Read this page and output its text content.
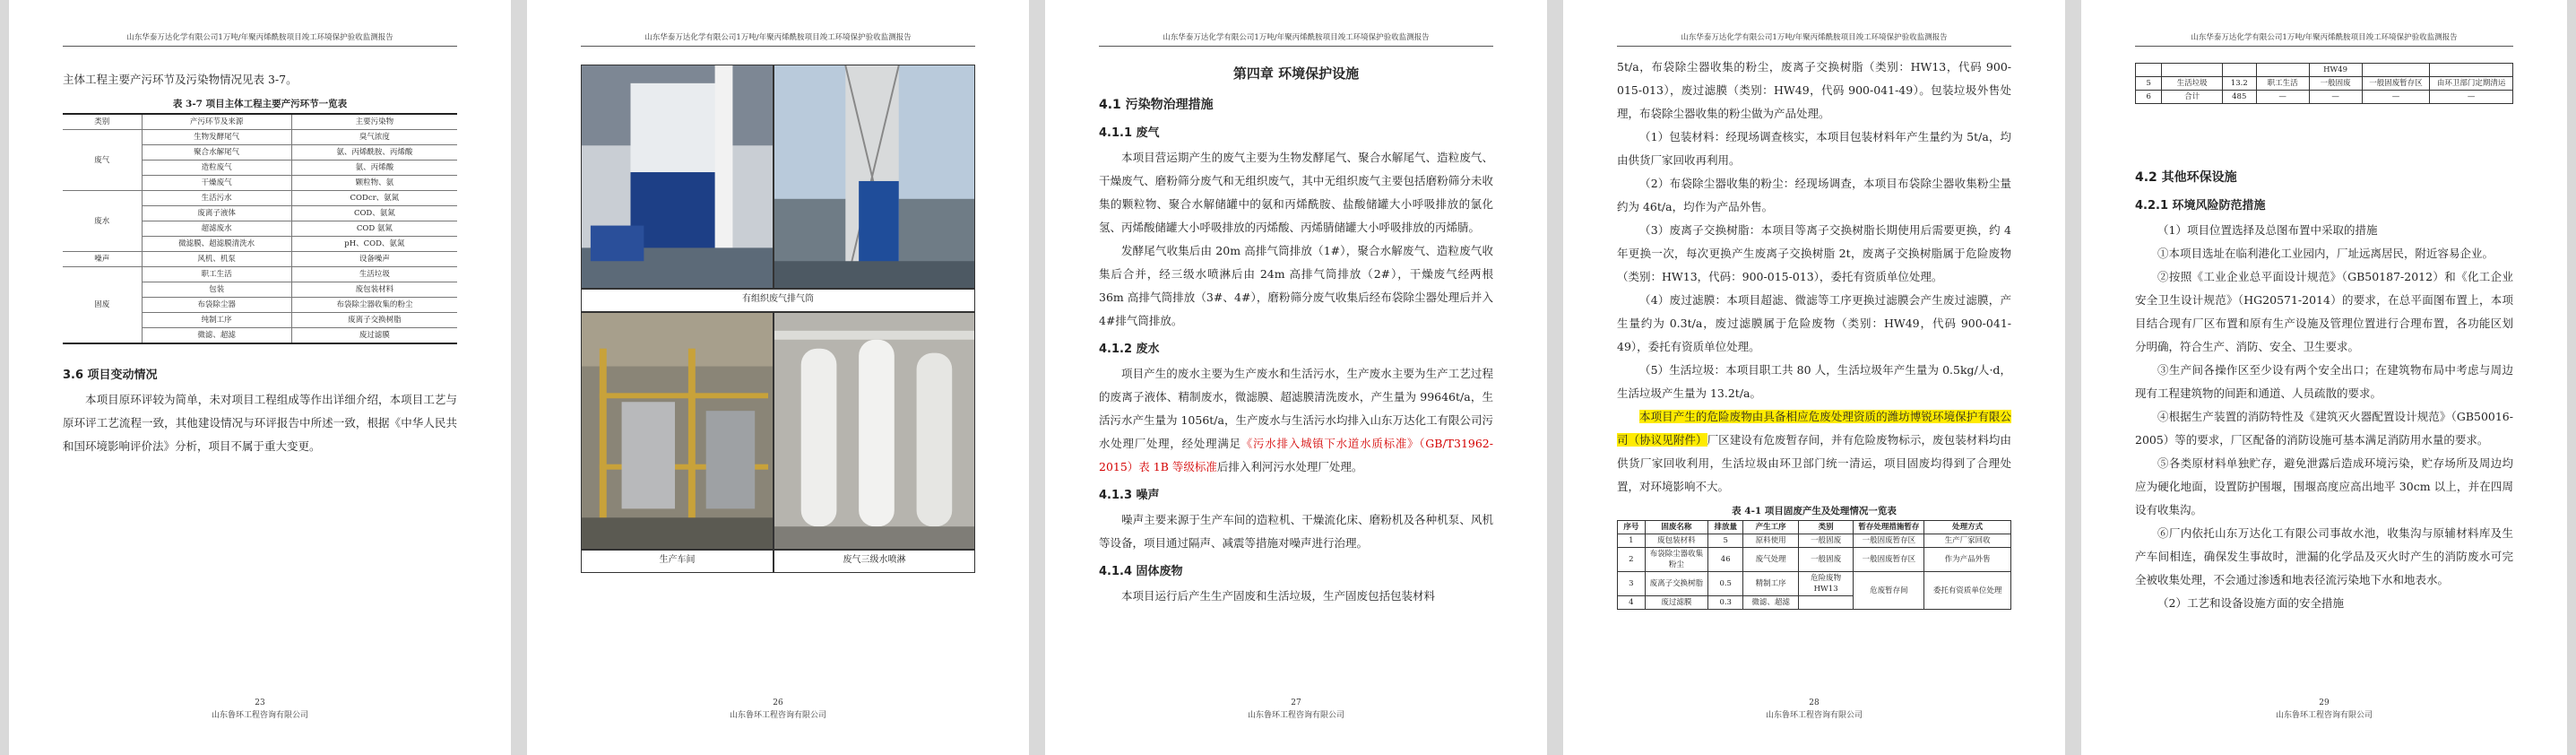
山东华泰万达化学有限公司1万吨/年聚丙烯酰胺项目竣工环境保护验收监测报告

主体工程主要产污环节及污染物情况见表 3-7。

表 3-7 项目主体工程主要产污环节一览表
类别	产污环节及来源	主要污染物
废气	生物发酵尾气	臭气浓度
	聚合水解尾气	氨、丙烯酰胺、丙烯酸
	造粒废气	氨、丙烯酸
	干燥废气	颗粒物、氨
废水	生活污水	CODcr、氨氮
	废离子液体	COD、氨氮
	超滤废水	COD 氨氮
	微滤膜、超滤膜清洗水	pH、COD、氨氮
噪声	风机、机泵	设备噪声
固废	职工生活	生活垃圾
	包装	废包装材料
	布袋除尘器	布袋除尘器收集的粉尘
	纯制工序	废离子交换树脂
	微滤、超滤	废过滤膜
3.6 项目变动情况

本项目原环评较为简单，未对项目工程组成等作出详细介绍，本项目工艺与原环评工艺流程一致，其他建设情况与环评报告中所述一致，根据《中华人民共和国环境影响评价法》分析，项目不属于重大变更。

23
山东鲁环工程咨询有限公司
山东华泰万达化学有限公司1万吨/年聚丙烯酰胺项目竣工环境保护验收监测报告
有组织废气排气筒
生产车间	废气三级水喷淋
26
山东鲁环工程咨询有限公司
山东华泰万达化学有限公司1万吨/年聚丙烯酰胺项目竣工环境保护验收监测报告
第四章 环境保护设施
4.1 污染物治理措施
4.1.1 废气

本项目营运期产生的废气主要为生物发酵尾气、聚合水解尾气、造粒废气、干燥废气、磨粉筛分废气和无组织废气，其中无组织废气主要包括磨粉筛分未收集的颗粒物、聚合水解储罐中的氨和丙烯酰胺、盐酸储罐大小呼吸排放的氯化氢、丙烯酸储罐大小呼吸排放的丙烯酸、丙烯腈储罐大小呼吸排放的丙烯腈。

发酵尾气收集后由 20m 高排气筒排放（1#），聚合水解废气、造粒废气收集后合并，经三级水喷淋后由 24m 高排气筒排放（2#），干燥废气经两根 36m 高排气筒排放（3#、4#），磨粉筛分废气收集后经布袋除尘器处理后并入 4#排气筒排放。

4.1.2 废水

项目产生的废水主要为生产废水和生活污水，生产废水主要为生产工艺过程的废离子液体、精制废水，微滤膜、超滤膜清洗废水，产生量为 99646t/a，生活污水产生量为 1056t/a，生产废水与生活污水均排入山东万达化工有限公司污水处理厂处理，经处理满足《污水排入城镇下水道水质标准》（GB/T31962-2015）表 1B 等级标准后排入利河污水处理厂处理。

4.1.3 噪声

噪声主要来源于生产车间的造粒机、干燥流化床、磨粉机及各种机泵、风机等设备，项目通过隔声、减震等措施对噪声进行治理。

4.1.4 固体废物

本项目运行后产生生产固废和生活垃圾，生产固废包括包装材料

27
山东鲁环工程咨询有限公司
山东华泰万达化学有限公司1万吨/年聚丙烯酰胺项目竣工环境保护验收监测报告

5t/a，布袋除尘器收集的粉尘，废离子交换树脂（类别：HW13，代码 900-015-013），废过滤膜（类别：HW49，代码 900-041-49）。包装垃圾外售处理，布袋除尘器收集的粉尘做为产品处理。

（1）包装材料：经现场调查核实，本项目包装材料年产生量约为 5t/a，均由供货厂家回收再利用。

（2）布袋除尘器收集的粉尘：经现场调查，本项目布袋除尘器收集粉尘量约为 46t/a，均作为产品外售。

（3）废离子交换树脂：本项目等离子交换树脂长期使用后需要更换，约 4 年更换一次，每次更换产生废离子交换树脂 2t，废离子交换树脂属于危险废物（类别：HW13，代码：900-015-013），委托有资质单位处理。

（4）废过滤膜：本项目超滤、微滤等工序更换过滤膜会产生废过滤膜，产生量约为 0.3t/a，废过滤膜属于危险废物（类别：HW49，代码 900-041-49），委托有资质单位处理。

（5）生活垃圾：本项目职工共 80 人，生活垃圾年产生量为 0.5kg/人·d，生活垃圾产生量为 13.2t/a。

本项目产生的危险废物由具备相应危废处理资质的潍坊博锐环境保护有限公司（协议见附件）厂区建设有危废暂存间，并有危险废物标示，废包装材料均由供货厂家回收利用，生活垃圾由环卫部门统一清运，项目固废均得到了合理处置，对环境影响不大。

表 4-1 项目固废产生及处理情况一览表
序号	固废名称	排放量	产生工序	类别	暂存处理措施暂存	处理方式
1	废包装材料	5	原料使用	一般固废	一般固废暂存区	生产厂家回收
2	布袋除尘器收集粉尘	46	废气处理	一般固废	一般固废暂存区	作为产品外售
3	废离子交换树脂	0.5	精制工序	危险废物 HW13	危废暂存间	委托有资质单位处理
4	废过滤膜	0.3	微滤、超滤			
28
山东鲁环工程咨询有限公司
山东华泰万达化学有限公司1万吨/年聚丙烯酰胺项目竣工环境保护验收监测报告
				HW49		
5	生活垃圾	13.2	职工生活	一般固废	一般固废暂存区	由环卫部门定期清运
6	合计	485	—	—	—	—
4.2 其他环保设施
4.2.1 环境风险防范措施

（1）项目位置选择及总图布置中采取的措施

①本项目选址在临利港化工业园内，厂址远离居民，附近容易企业。

②按照《工业企业总平面设计规范》（GB50187-2012）和《化工企业安全卫生设计规范》（HG20571-2014）的要求，在总平面图布置上，本项目结合现有厂区布置和原有生产设施及管理位置进行合理布置，各功能区划分明确，符合生产、消防、安全、卫生要求。

③生产间各操作区至少设有两个安全出口；在建筑物布局中考虑与周边现有工程建筑物的间距和通道、人员疏散的要求。

④根据生产装置的消防特性及《建筑灭火器配置设计规范》（GB50016-2005）等的要求，厂区配备的消防设施可基本满足消防用水量的要求。

⑤各类原材料单独贮存，避免泄露后造成环境污染，贮存场所及周边均应为硬化地面，设置防护围堰，围堰高度应高出地平 30cm 以上，并在四周设有收集沟。

⑥厂内依托山东万达化工有限公司事故水池，收集沟与原辅材料库及生产车间相连，确保发生事故时，泄漏的化学品及灭火时产生的消防废水可完全被收集处理，不会通过渗透和地表径流污染地下水和地表水。

（2）工艺和设备设施方面的安全措施

29
山东鲁环工程咨询有限公司
